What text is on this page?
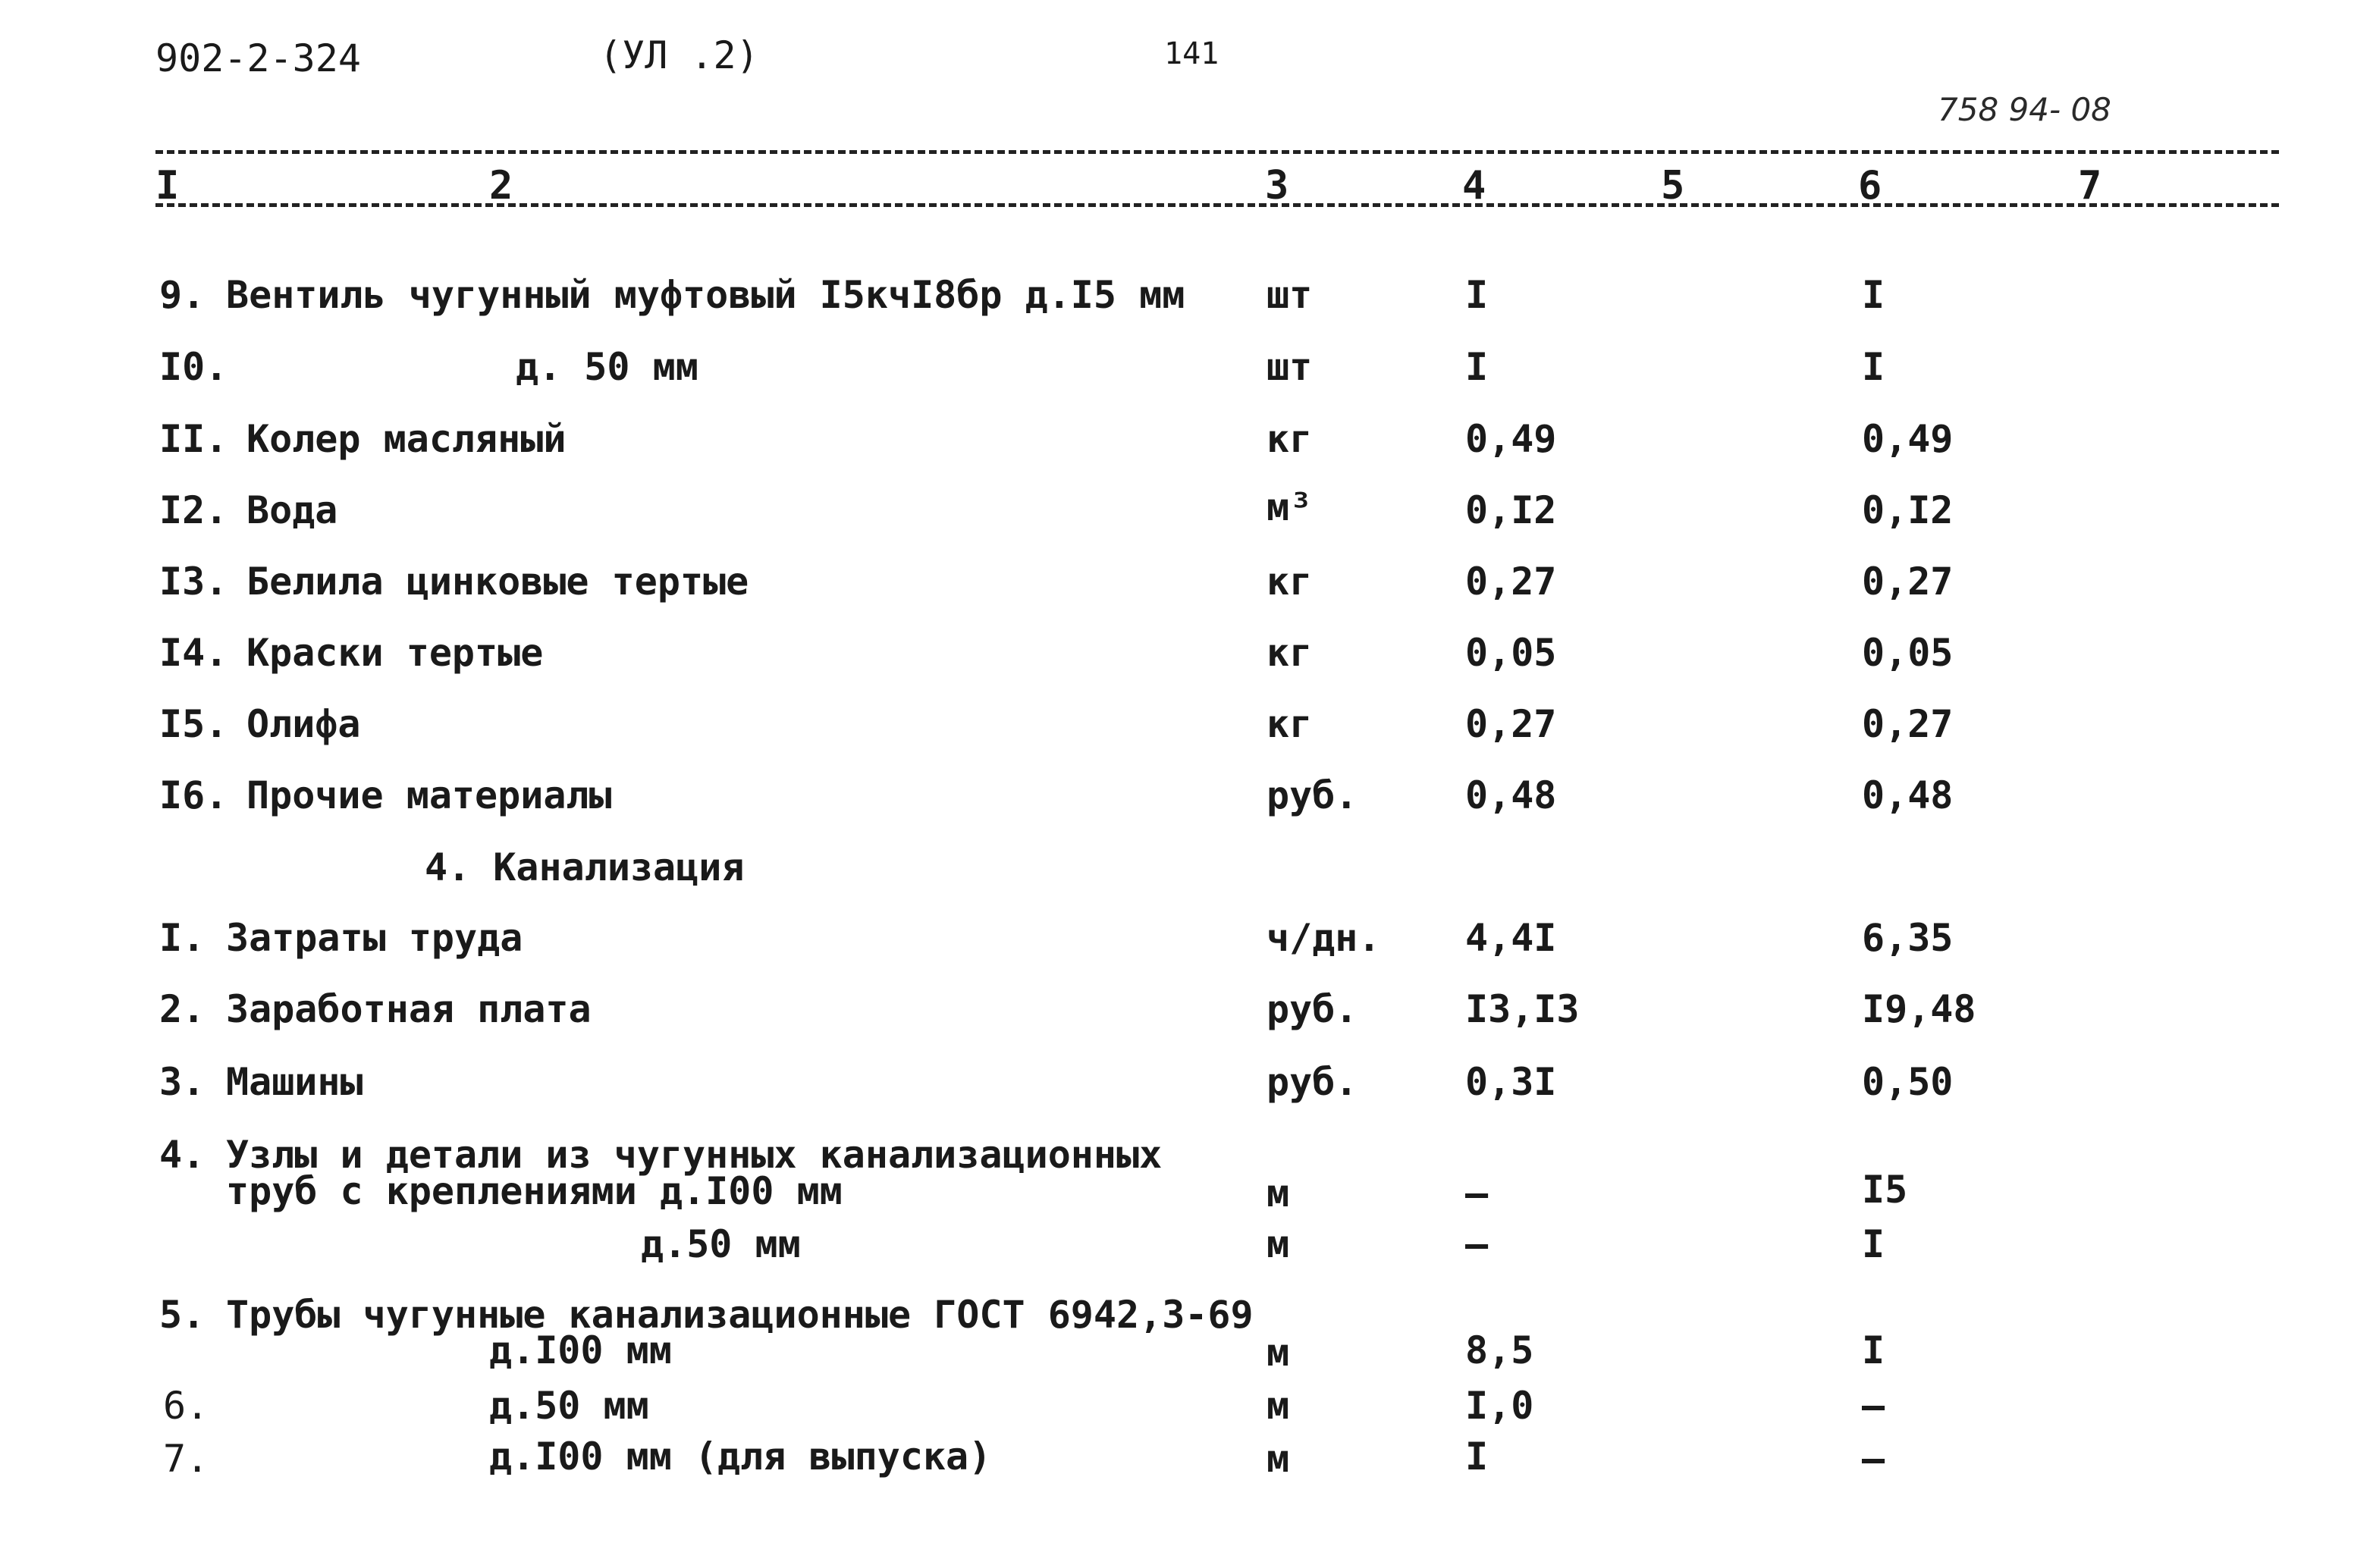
902-2-324	(УЛ .2)	141
758 94- 08
I	2	3	4	5	6	7
9. Вентиль чугунный муфтовый I5кчI8бр д.I5 мм шт	I	I
I0.	д. 50 мм	шт	I	I
II. Колер масляный	кг	0,49	0,49
I2. Вода	м³	0,I2	0,I2
I3. Белила цинковые тертые	кг	0,27	0,27
I4. Краски тертые	кг	0,05	0,05
I5. Олифа	кг	0,27	0,27
I6. Прочие материалы	руб.	0,48	0,48
4. Канализация
I. Затраты труда	ч/дн. 4,4I	6,35
2. Заработная плата	руб.	I3,I3	I9,48
3. Машины	руб.	0,3I	0,50
4. Узлы и детали из чугунных канализационных
труб с креплениями д.I00 мм	м	–	I5
д.50 мм	м	–	I
5. Трубы чугунные канализационные ГОСТ 6942,3-69
д.I00 мм	м	8,5	I
6.	д.50 мм	м	I,0	–
7.	д.I00 мм (для выпуска)	м	I	–
